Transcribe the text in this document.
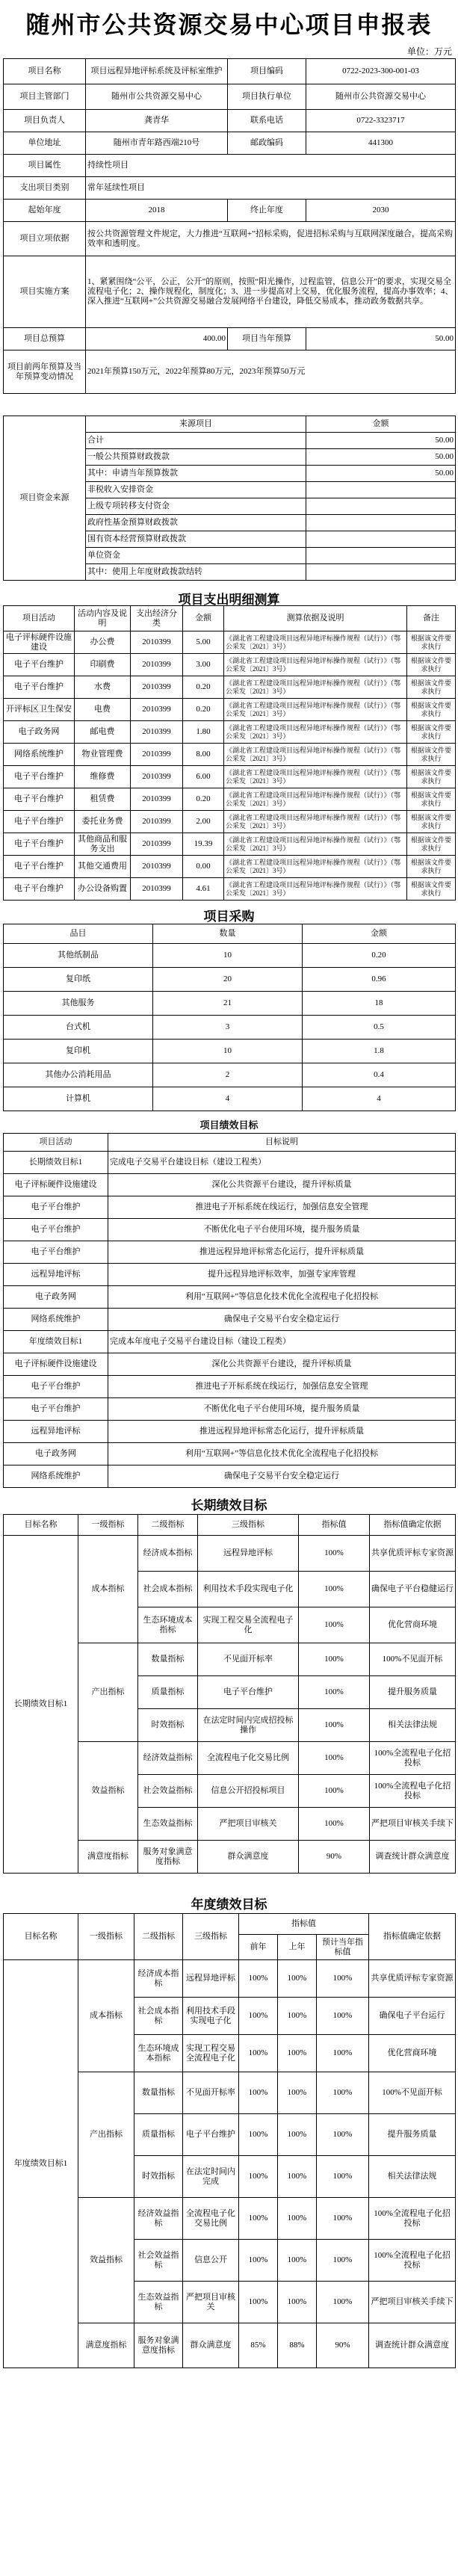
随州市公共资源交易中心项目申报表
单位：万元
项目名称	项目远程异地评标系统及评标室维护	项目编码	0722-2023-300-001-03
项目主管部门	随州市公共资源交易中心	项目执行单位	随州市公共资源交易中心
项目负责人	龚青华	联系电话	0722-3323717
单位地址	随州市青年路西端210号	邮政编码	441300
项目属性	持续性项目		
支出项目类别	常年延续性项目		
起始年度	2018	终止年度	2030
项目立项依据	按公共资源管理文件规定，大力推进“互联网+”招标采购，促进招标采购与互联网深度融合，提高采购效率和透明度。		
项目实施方案	1、紧紧围绕“公平，公正，公开”的原则，按照“阳光操作，过程监管，信息公开”的要求，实现交易全流程电子化；2、操作规程化，制度化；3、进一步提高对上交易，优化服务流程，提高办事效率；4、深入推进“互联网+”公共资源交易融合发展网络平台建设，降低交易成本，推动政务数据共享。		
项目总预算	400.00	项目当年预算	50.00
项目前两年预算及当年预算变动情况	2021年预算150万元，2022年预算80万元，2023年预算50万元		
项目资金来源	来源项目	金额
	合计	50.00
	一般公共预算财政拨款	50.00
	其中：申请当年预算拨款	50.00
	非税收入安排资金	
	上级专项转移支付资金	
	政府性基金预算财政拨款	
	国有资本经营预算财政拨款	
	单位资金	
	其中：使用上年度财政拨款结转	
项目支出明细测算
项目活动	活动内容及说明	支出经济分类	金额	测算依据及说明	备注
电子评标硬件设施建设	办公费	2010399	5.00	《湖北省工程建设项目远程异地评标操作规程（试行）》（鄂公采发〔2021〕3号）	根据该文件要求执行
电子平台维护	印刷费	2010399	3.00	《湖北省工程建设项目远程异地评标操作规程（试行）》（鄂公采发〔2021〕3号）	根据该文件要求执行
电子平台维护	水费	2010399	0.20	《湖北省工程建设项目远程异地评标操作规程（试行）》（鄂公采发〔2021〕3号）	根据该文件要求执行
开评标区卫生保安	电费	2010399	0.20	《湖北省工程建设项目远程异地评标操作规程（试行）》（鄂公采发〔2021〕3号）	根据该文件要求执行
电子政务网	邮电费	2010399	1.80	《湖北省工程建设项目远程异地评标操作规程（试行）》（鄂公采发〔2021〕3号）	根据该文件要求执行
网络系统维护	物业管理费	2010399	8.00	《湖北省工程建设项目远程异地评标操作规程（试行）》（鄂公采发〔2021〕3号）	根据该文件要求执行
电子平台维护	维修费	2010399	6.00	《湖北省工程建设项目远程异地评标操作规程（试行）》（鄂公采发〔2021〕3号）	根据该文件要求执行
电子平台维护	租赁费	2010399	0.20	《湖北省工程建设项目远程异地评标操作规程（试行）》（鄂公采发〔2021〕3号）	根据该文件要求执行
电子平台维护	委托业务费	2010399	2.00	《湖北省工程建设项目远程异地评标操作规程（试行）》（鄂公采发〔2021〕3号）	根据该文件要求执行
电子平台维护	其他商品和服务支出	2010399	19.39	《湖北省工程建设项目远程异地评标操作规程（试行）》（鄂公采发〔2021〕3号）	根据该文件要求执行
电子平台维护	其他交通费用	2010399	0.00	《湖北省工程建设项目远程异地评标操作规程（试行）》（鄂公采发〔2021〕3号）	根据该文件要求执行
电子平台维护	办公设备购置	2010399	4.61	《湖北省工程建设项目远程异地评标操作规程（试行）》（鄂公采发〔2021〕3号）	根据该文件要求执行
项目采购
品目	数量	金额
其他纸制品	10	0.20
复印纸	20	0.96
其他服务	21	18
台式机	3	0.5
复印机	10	1.8
其他办公消耗用品	2	0.4
计算机	4	4
项目绩效目标
项目活动	目标说明
长期绩效目标1	完成电子交易平台建设目标（建设工程类）
电子评标硬件设施建设	深化公共资源平台建设，提升评标质量
电子平台维护	推进电子开标系统在线运行，加强信息安全管理
电子平台维护	不断优化电子平台使用环境，提升服务质量
电子平台维护	推进远程异地评标常态化运行，提升评标质量
远程异地评标	提升远程异地评标效率，加强专家库管理
电子政务网	利用“互联网+”等信息化技术优化全流程电子化招投标
网络系统维护	确保电子交易平台安全稳定运行
年度绩效目标1	完成本年度电子交易平台建设目标（建设工程类）
电子评标硬件设施建设	深化公共资源平台建设，提升评标质量
电子平台维护	推进电子开标系统在线运行，加强信息安全管理
电子平台维护	不断优化电子平台使用环境，提升服务质量
远程异地评标	推进远程异地评标常态化运行，提升评标质量
电子政务网	利用“互联网+”等信息化技术优化全流程电子化招投标
网络系统维护	确保电子交易平台安全稳定运行
长期绩效目标
目标名称	一级指标	二级指标	三级指标	指标值	指标值确定依据
长期绩效目标1	成本指标	经济成本指标	远程异地评标	100%	共享优质评标专家资源
		社会成本指标	利用技术手段实现电子化	100%	确保电子平台稳健运行
		生态环境成本指标	实现工程交易全流程电子化	100%	优化营商环境
	产出指标	数量指标	不见面开标率	100%	100%不见面开标
		质量指标	电子平台维护	100%	提升服务质量
		时效指标	在法定时间内完成招投标操作	100%	相关法律法规
	效益指标	经济效益指标	全流程电子化交易比例	100%	100%全流程电子化招投标
		社会效益指标	信息公开招投标项目	100%	100%全流程电子化招投标
		生态效益指标	严把项目审核关	100%	严把项目审核关手续下
	满意度指标	服务对象满意度指标	群众满意度	90%	调查统计群众满意度
年度绩效目标
目标名称	一级指标	二级指标	三级指标	指标值			指标值确定依据
				前年	上年	预计当年指标值	
年度绩效目标1	成本指标	经济成本指标	远程异地评标	100%	100%	100%	共享优质评标专家资源
		社会成本指标	利用技术手段实现电子化	100%	100%	100%	确保电子平台运行
		生态环境成本指标	实现工程交易全流程电子化	100%	100%	100%	优化营商环境
	产出指标	数量指标	不见面开标率	100%	100%	100%	100%不见面开标
		质量指标	电子平台维护	100%	100%	100%	提升服务质量
		时效指标	在法定时间内完成	100%	100%	100%	相关法律法规
	效益指标	经济效益指标	全流程电子化交易比例	100%	100%	100%	100%全流程电子化招投标
		社会效益指标	信息公开	100%	100%	100%	100%全流程电子化招投标
		生态效益指标	严把项目审核关	100%	100%	100%	严把项目审核关手续下
	满意度指标	服务对象满意度指标	群众满意度	85%	88%	90%	调查统计群众满意度
